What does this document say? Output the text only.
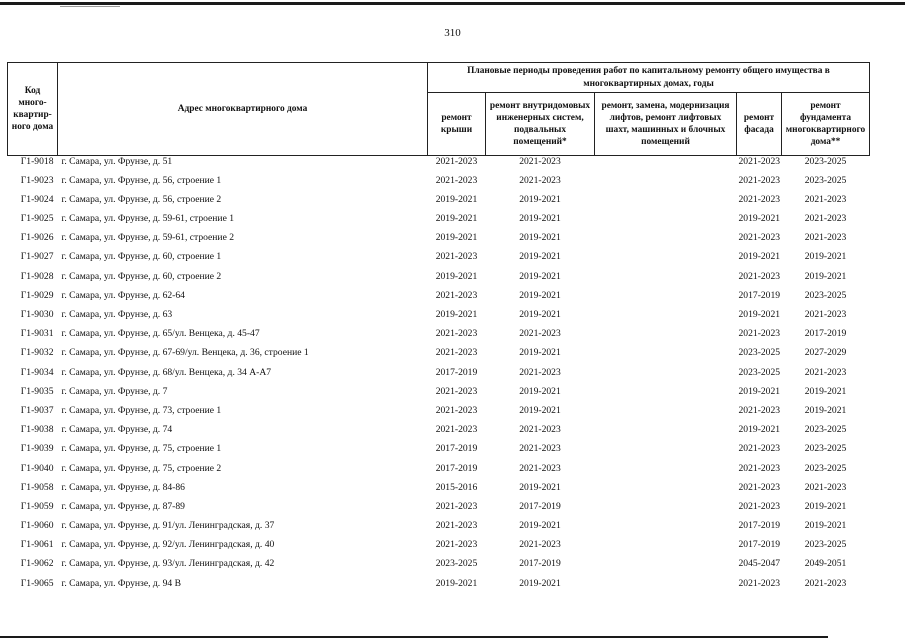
310
Код много-квартир-ного дома	Адрес многоквартирного дома	Плановые периоды проведения работ по капитальному ремонту общего имущества в многоквартирных домах, годы				
		ремонт крыши	ремонт внутридомовых инженерных систем, подвальных помещений*	ремонт, замена, модернизация лифтов, ремонт лифтовых шахт, машинных и блочных помещений	ремонт фасада	ремонт фундамента многоквартирного дома**
Г1-9018	г. Самара, ул. Фрунзе, д. 51	2021-2023	2021-2023		2021-2023	2023-2025
Г1-9023	г. Самара, ул. Фрунзе, д. 56, строение 1	2021-2023	2021-2023		2021-2023	2023-2025
Г1-9024	г. Самара, ул. Фрунзе, д. 56, строение 2	2019-2021	2019-2021		2021-2023	2021-2023
Г1-9025	г. Самара, ул. Фрунзе, д. 59-61, строение 1	2019-2021	2019-2021		2019-2021	2021-2023
Г1-9026	г. Самара, ул. Фрунзе, д. 59-61, строение 2	2019-2021	2019-2021		2021-2023	2021-2023
Г1-9027	г. Самара, ул. Фрунзе, д. 60, строение 1	2021-2023	2019-2021		2019-2021	2019-2021
Г1-9028	г. Самара, ул. Фрунзе, д. 60, строение 2	2019-2021	2019-2021		2021-2023	2019-2021
Г1-9029	г. Самара, ул. Фрунзе, д. 62-64	2021-2023	2019-2021		2017-2019	2023-2025
Г1-9030	г. Самара, ул. Фрунзе, д. 63	2019-2021	2019-2021		2019-2021	2021-2023
Г1-9031	г. Самара, ул. Фрунзе, д. 65/ул. Венцека, д. 45-47	2021-2023	2021-2023		2021-2023	2017-2019
Г1-9032	г. Самара, ул. Фрунзе, д. 67-69/ул. Венцека, д. 36, строение 1	2021-2023	2019-2021		2023-2025	2027-2029
Г1-9034	г. Самара, ул. Фрунзе, д. 68/ул. Венцека, д. 34 А-А7	2017-2019	2021-2023		2023-2025	2021-2023
Г1-9035	г. Самара, ул. Фрунзе, д. 7	2021-2023	2019-2021		2019-2021	2019-2021
Г1-9037	г. Самара, ул. Фрунзе, д. 73, строение 1	2021-2023	2019-2021		2021-2023	2019-2021
Г1-9038	г. Самара, ул. Фрунзе, д. 74	2021-2023	2021-2023		2019-2021	2023-2025
Г1-9039	г. Самара, ул. Фрунзе, д. 75, строение 1	2017-2019	2021-2023		2021-2023	2023-2025
Г1-9040	г. Самара, ул. Фрунзе, д. 75, строение 2	2017-2019	2021-2023		2021-2023	2023-2025
Г1-9058	г. Самара, ул. Фрунзе, д. 84-86	2015-2016	2019-2021		2021-2023	2021-2023
Г1-9059	г. Самара, ул. Фрунзе, д. 87-89	2021-2023	2017-2019		2021-2023	2019-2021
Г1-9060	г. Самара, ул. Фрунзе, д. 91/ул. Ленинградская, д. 37	2021-2023	2019-2021		2017-2019	2019-2021
Г1-9061	г. Самара, ул. Фрунзе, д. 92/ул. Ленинградская, д. 40	2021-2023	2021-2023		2017-2019	2023-2025
Г1-9062	г. Самара, ул. Фрунзе, д. 93/ул. Ленинградская, д. 42	2023-2025	2017-2019		2045-2047	2049-2051
Г1-9065	г. Самара, ул. Фрунзе, д. 94 В	2019-2021	2019-2021		2021-2023	2021-2023
